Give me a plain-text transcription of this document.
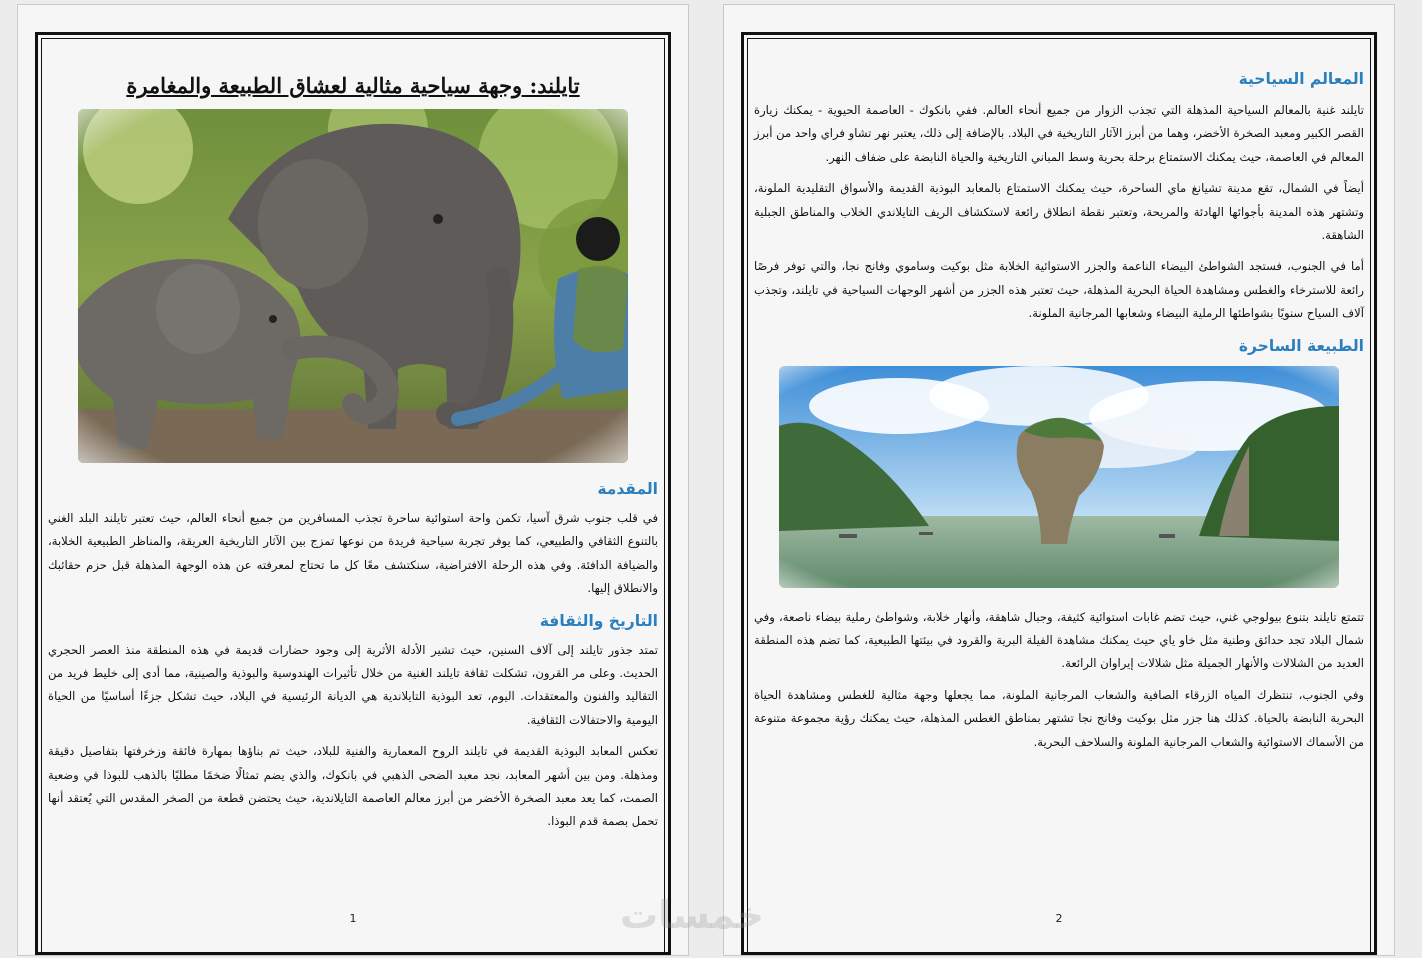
تايلند: وجهة سياحية مثالية لعشاق الطبيعة والمغامرة
المقدمة

في قلب جنوب شرق آسيا، تكمن واحة استوائية ساحرة تجذب المسافرين من جميع أنحاء العالم، حيث تعتبر تايلند البلد الغني بالتنوع الثقافي والطبيعي، كما يوفر تجربة سياحية فريدة من نوعها تمزج بين الآثار التاريخية العريقة، والمناظر الطبيعية الخلابة، والضيافة الدافئة. وفي هذه الرحلة الافتراضية، سنكتشف معًا كل ما تحتاج لمعرفته عن هذه الوجهة المذهلة قبل حزم حقائبك والانطلاق إليها.

التاريخ والثقافة

تمتد جذور تايلند إلى آلاف السنين، حيث تشير الأدلة الأثرية إلى وجود حضارات قديمة في هذه المنطقة منذ العصر الحجري الحديث. وعلى مر القرون، تشكلت ثقافة تايلند الغنية من خلال تأثيرات الهندوسية والبوذية والصينية، مما أدى إلى خليط فريد من التقاليد والفنون والمعتقدات. اليوم، تعد البوذية التايلاندية هي الديانة الرئيسية في البلاد، حيث تشكل جزءًا أساسيًا من الحياة اليومية والاحتفالات الثقافية.

تعكس المعابد البوذية القديمة في تايلند الروح المعمارية والفنية للبلاد، حيث تم بناؤها بمهارة فائقة وزخرفتها بتفاصيل دقيقة ومذهلة. ومن بين أشهر المعابد، نجد معبد الضحى الذهبي في بانكوك، والذي يضم تمثالًا ضخمًا مطليًا بالذهب للبوذا في وضعية الصمت، كما يعد معبد الصخرة الأخضر من أبرز معالم العاصمة التايلاندية، حيث يحتضن قطعة من الصخر المقدس التي يُعتقد أنها تحمل بصمة قدم البوذا.

1
المعالم السياحية

تايلند غنية بالمعالم السياحية المذهلة التي تجذب الزوار من جميع أنحاء العالم. ففي بانكوك - العاصمة الحيوية - يمكنك زيارة القصر الكبير ومعبد الصخرة الأخضر، وهما من أبرز الآثار التاريخية في البلاد. بالإضافة إلى ذلك، يعتبر نهر تشاو فراي واحد من أبرز المعالم في العاصمة، حيث يمكنك الاستمتاع برحلة بحرية وسط المباني التاريخية والحياة النابضة على ضفاف النهر.

أيضاً في الشمال، تقع مدينة تشيانغ ماي الساحرة، حيث يمكنك الاستمتاع بالمعابد البوذية القديمة والأسواق التقليدية الملونة، وتشتهر هذه المدينة بأجوائها الهادئة والمريحة، وتعتبر نقطة انطلاق رائعة لاستكشاف الريف التايلاندي الخلاب والمناطق الجبلية الشاهقة.

أما في الجنوب، فستجد الشواطئ البيضاء الناعمة والجزر الاستوائية الخلابة مثل بوكيت وساموي وفانج نجا، والتي توفر فرصًا رائعة للاسترخاء والغطس ومشاهدة الحياة البحرية المذهلة، حيث تعتبر هذه الجزر من أشهر الوجهات السياحية في تايلند، وتجذب آلاف السياح سنويًا بشواطئها الرملية البيضاء وشعابها المرجانية الملونة.

الطبيعة الساحرة

تتمتع تايلند بتنوع بيولوجي غني، حيث تضم غابات استوائية كثيفة، وجبال شاهقة، وأنهار خلابة، وشواطئ رملية بيضاء ناصعة، وفي شمال البلاد تجد حدائق وطنية مثل خاو ياي حيث يمكنك مشاهدة الفيلة البرية والقرود في بيئتها الطبيعية، كما تضم هذه المنطقة العديد من الشلالات والأنهار الجميلة مثل شلالات إيراوان الرائعة.

وفي الجنوب، تنتظرك المياه الزرقاء الصافية والشعاب المرجانية الملونة، مما يجعلها وجهة مثالية للغطس ومشاهدة الحياة البحرية النابضة بالحياة. كذلك هنا جزر مثل بوكيت وفانج نجا تشتهر بمناطق الغطس المذهلة، حيث يمكنك رؤية مجموعة متنوعة من الأسماك الاستوائية والشعاب المرجانية الملونة والسلاحف البحرية.

2
خمسات
